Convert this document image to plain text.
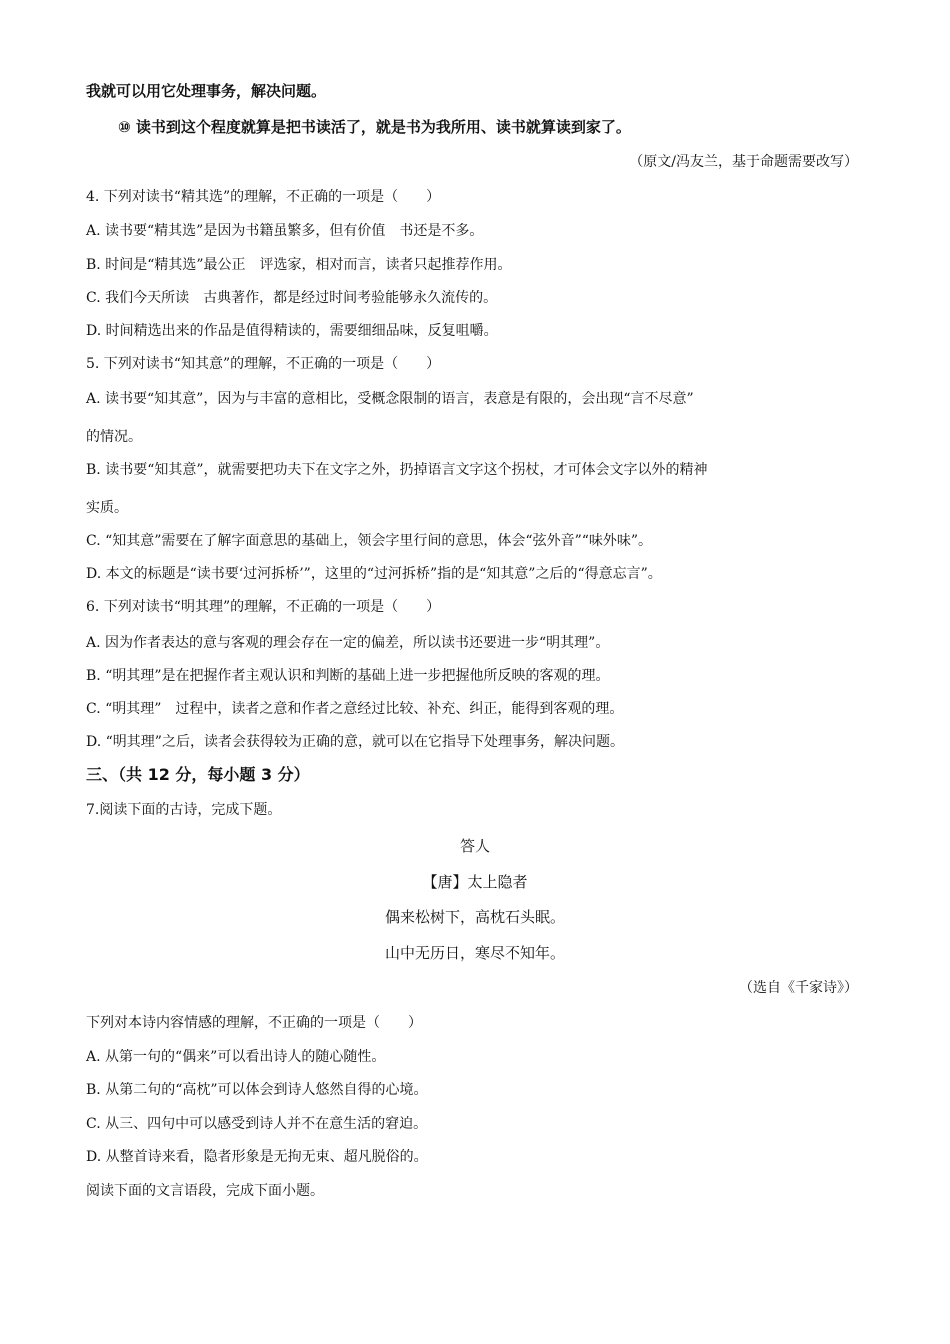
我就可以用它处理事务，解决问题。
⑩ 读书到这个程度就算是把书读活了，就是书为我所用、读书就算读到家了。
（原文/冯友兰，基于命题需要改写）
4. 下列对读书“精其选”的理解，不正确的一项是（　　）
A. 读书要“精其选”是因为书籍虽繁多，但有价值　书还是不多。
B. 时间是“精其选”最公正　评选家，相对而言，读者只起推荐作用。
C. 我们今天所读　古典著作，都是经过时间考验能够永久流传的。
D. 时间精选出来的作品是值得精读的，需要细细品味，反复咀嚼。
5. 下列对读书“知其意”的理解，不正确的一项是（　　）
A. 读书要“知其意”，因为与丰富的意相比，受概念限制的语言，表意是有限的，会出现“言不尽意”
的情况。
B. 读书要“知其意”，就需要把功夫下在文字之外，扔掉语言文字这个拐杖，才可体会文字以外的精神
实质。
C. “知其意”需要在了解字面意思的基础上，领会字里行间的意思，体会“弦外音”“味外味”。
D. 本文的标题是“读书要‘过河拆桥’”，这里的“过河拆桥”指的是“知其意”之后的“得意忘言”。
6. 下列对读书“明其理”的理解，不正确的一项是（　　）
A. 因为作者表达的意与客观的理会存在一定的偏差，所以读书还要进一步“明其理”。
B. “明其理”是在把握作者主观认识和判断的基础上进一步把握他所反映的客观的理。
C. “明其理”　过程中，读者之意和作者之意经过比较、补充、纠正，能得到客观的理。
D. “明其理”之后，读者会获得较为正确的意，就可以在它指导下处理事务，解决问题。
三、（共 12 分，每小题 3 分）
7.阅读下面的古诗，完成下题。
答人
【唐】太上隐者
偶来松树下，高枕石头眠。
山中无历日，寒尽不知年。
（选自《千家诗》）
下列对本诗内容情感的理解，不正确的一项是（　　）
A. 从第一句的“偶来”可以看出诗人的随心随性。
B. 从第二句的“高枕”可以体会到诗人悠然自得的心境。
C. 从三、四句中可以感受到诗人并不在意生活的窘迫。
D. 从整首诗来看，隐者形象是无拘无束、超凡脱俗的。
阅读下面的文言语段，完成下面小题。
